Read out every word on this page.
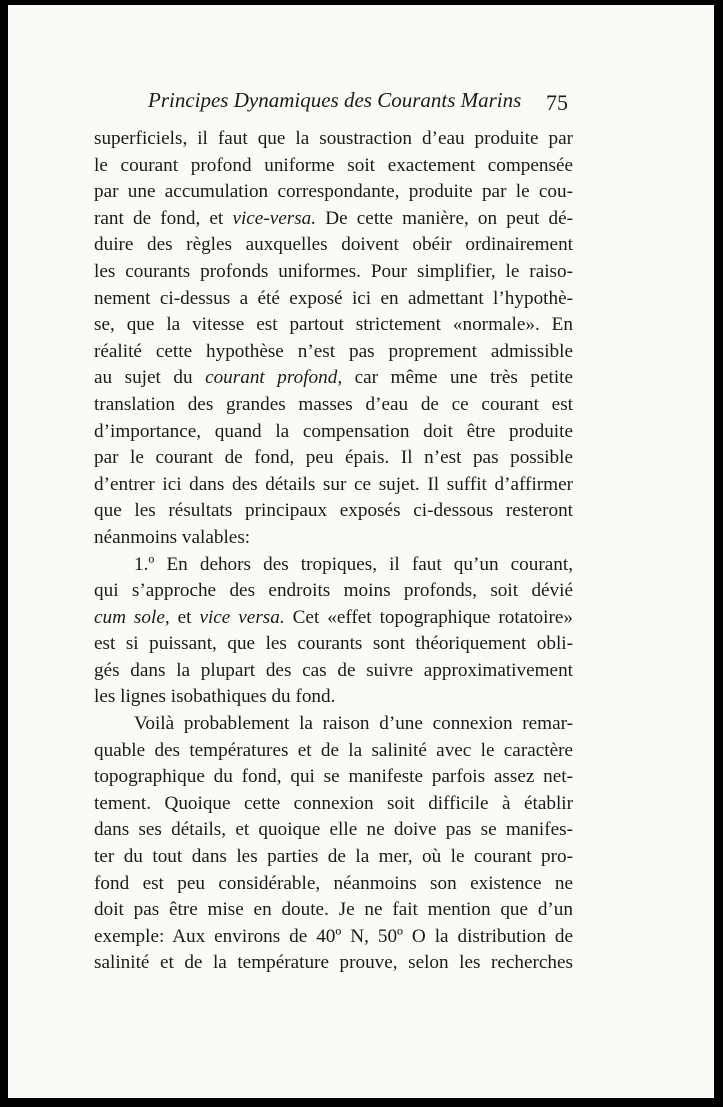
Principes Dynamiques des Courants Marins 75
superficiels, il faut que la soustraction d’eau produite par
le courant profond uniforme soit exactement compensée
par une accumulation correspondante, produite par le cou-
rant de fond, et vice-versa. De cette manière, on peut dé-
duire des règles auxquelles doivent obéir ordinairement
les courants profonds uniformes. Pour simplifier, le raiso-
nement ci-dessus a été exposé ici en admettant l’hypothè-
se, que la vitesse est partout strictement «normale». En
réalité cette hypothèse n’est pas proprement admissible
au sujet du courant profond, car même une très petite
translation des grandes masses d’eau de ce courant est
d’importance, quand la compensation doit être produite
par le courant de fond, peu épais. Il n’est pas possible
d’entrer ici dans des détails sur ce sujet. Il suffit d’affirmer
que les résultats principaux exposés ci-dessous resteront
néanmoins valables:
1.º En dehors des tropiques, il faut qu’un courant,
qui s’approche des endroits moins profonds, soit dévié
cum sole, et vice versa. Cet «effet topographique rotatoire»
est si puissant, que les courants sont théoriquement obli-
gés dans la plupart des cas de suivre approximativement
les lignes isobathiques du fond.
Voilà probablement la raison d’une connexion remar-
quable des températures et de la salinité avec le caractère
topographique du fond, qui se manifeste parfois assez net-
tement. Quoique cette connexion soit difficile à établir
dans ses détails, et quoique elle ne doive pas se manifes-
ter du tout dans les parties de la mer, où le courant pro-
fond est peu considérable, néanmoins son existence ne
doit pas être mise en doute. Je ne fait mention que d’un
exemple: Aux environs de 40º N, 50º O la distribution de
salinité et de la température prouve, selon les recherches
